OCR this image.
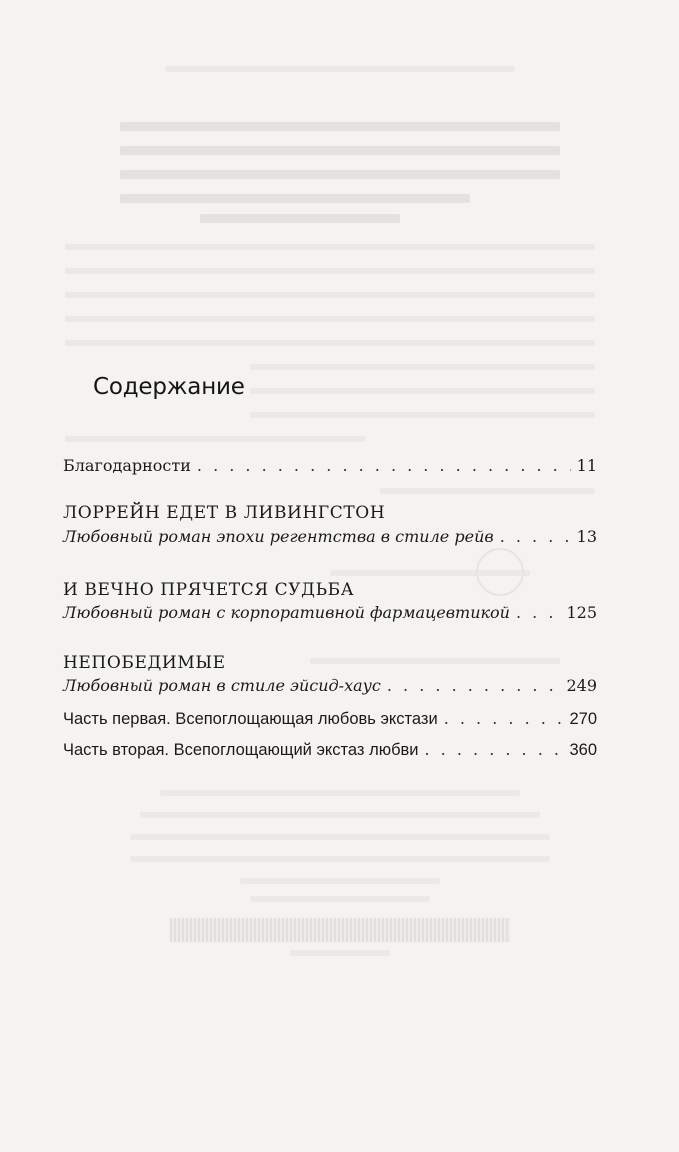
Содержание
Благодарности . . .	11
ЛОРРЕЙН ЕДЕТ В ЛИВИНГСТОН
Любовный роман эпохи регентства в стиле рейв . . .	13
И ВЕЧНО ПРЯЧЕТСЯ СУДЬБА
Любовный роман с корпоративной фармацевтикой . . .	125
НЕПОБЕДИМЫЕ
Любовный роман в стиле эйсид-хаус . . .	249
Часть первая. Всепоглощающая любовь экстази . . .	270
Часть вторая. Всепоглощающий экстаз любви . . .	360
